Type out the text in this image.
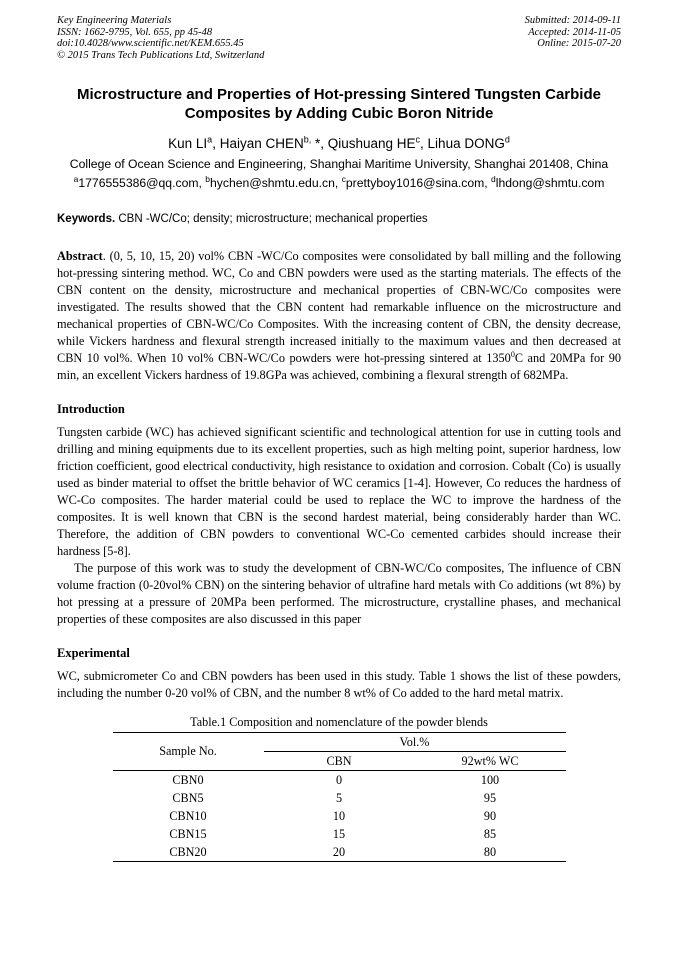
Key Engineering Materials
ISSN: 1662-9795, Vol. 655, pp 45-48
doi:10.4028/www.scientific.net/KEM.655.45
© 2015 Trans Tech Publications Ltd, Switzerland
Submitted: 2014-09-11
Accepted: 2014-11-05
Online: 2015-07-20
Microstructure and Properties of Hot-pressing Sintered Tungsten Carbide Composites by Adding Cubic Boron Nitride
Kun $LI^a$, Haiyan $CHEN^{b,}$ *, Qiushuang $HE^c$, Lihua DONG$^d$
College of Ocean Science and Engineering, Shanghai Maritime University, Shanghai 201408, China
$^a$1776555386@qq.com, $^b$hychen@shmtu.edu.cn, $^c$prettyboy1016@sina.com, $^d$lhdong@shmtu.com
Keywords. CBN -WC/Co; density; microstructure; mechanical properties

Abstract. (0, 5, 10, 15, 20) vol% CBN -WC/Co composites were consolidated by ball milling and the following hot-pressing sintering method. WC, Co and CBN powders were used as the starting materials. The effects of the CBN content on the density, microstructure and mechanical properties of CBN-WC/Co composites were investigated. The results showed that the CBN content had remarkable influence on the microstructure and mechanical properties of CBN-WC/Co Composites. With the increasing content of CBN, the density decrease, while Vickers hardness and flexural strength increased initially to the maximum values and then decreased at CBN 10 vol%. When 10 vol% CBN-WC/Co powders were hot-pressing sintered at 1350$^0$C and 20MPa for 90 min, an excellent Vickers hardness of 19.8GPa was achieved, combining a flexural strength of 682MPa.

Introduction

Tungsten carbide (WC) has achieved significant scientific and technological attention for use in cutting tools and drilling and mining equipments due to its excellent properties, such as high melting point, superior hardness, low friction coefficient, good electrical conductivity, high resistance to oxidation and corrosion. Cobalt (Co) is usually used as binder material to offset the brittle behavior of WC ceramics [1-4]. However, Co reduces the hardness of WC-Co composites. The harder material could be used to replace the WC to improve the hardness of the composites. It is well known that CBN is the second hardest material, being considerably harder than WC. Therefore, the addition of CBN powders to conventional WC-Co cemented carbides should increase their hardness [5-8].

The purpose of this work was to study the development of CBN-WC/Co composites, The influence of CBN volume fraction (0-20vol% CBN) on the sintering behavior of ultrafine hard metals with Co additions (wt 8%) by hot pressing at a pressure of 20MPa been performed. The microstructure, crystalline phases, and mechanical properties of these composites are also discussed in this paper

Experimental

WC, submicrometer Co and CBN powders has been used in this study. Table 1 shows the list of these powders, including the number 0-20 vol% of CBN, and the number 8 wt% of Co added to the hard metal matrix.

Table.1 Composition and nomenclature of the powder blends
Sample No.	Vol.%	
	CBN	92wt% WC
CBN0	0	100
CBN5	5	95
CBN10	10	90
CBN15	15	85
CBN20	20	80
